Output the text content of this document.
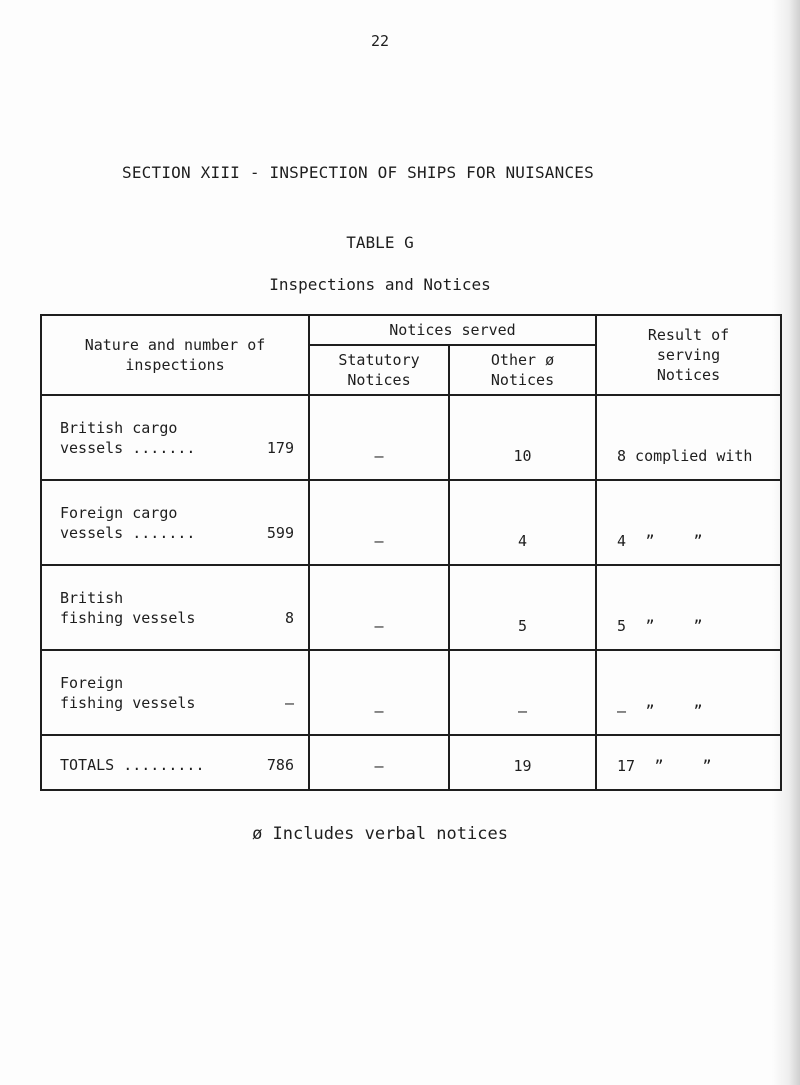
22
SECTION XIII - INSPECTION OF SHIPS FOR NUISANCES
TABLE G
Inspections and Notices
Nature and number of inspections	Notices served		Result of serving Notices
	Statutory Notices	Other ø Notices	

British cargo
vessels ....... 179	–	10	8 complied with

Foreign cargo
vessels ....... 599	–	4	4 ” ”

British
fishing vessels 8	–	5	5 ” ”

Foreign
fishing vessels –	–	–	– ” ”

TOTALS ......... 786	–	19	17 ” ”
ø Includes verbal notices
